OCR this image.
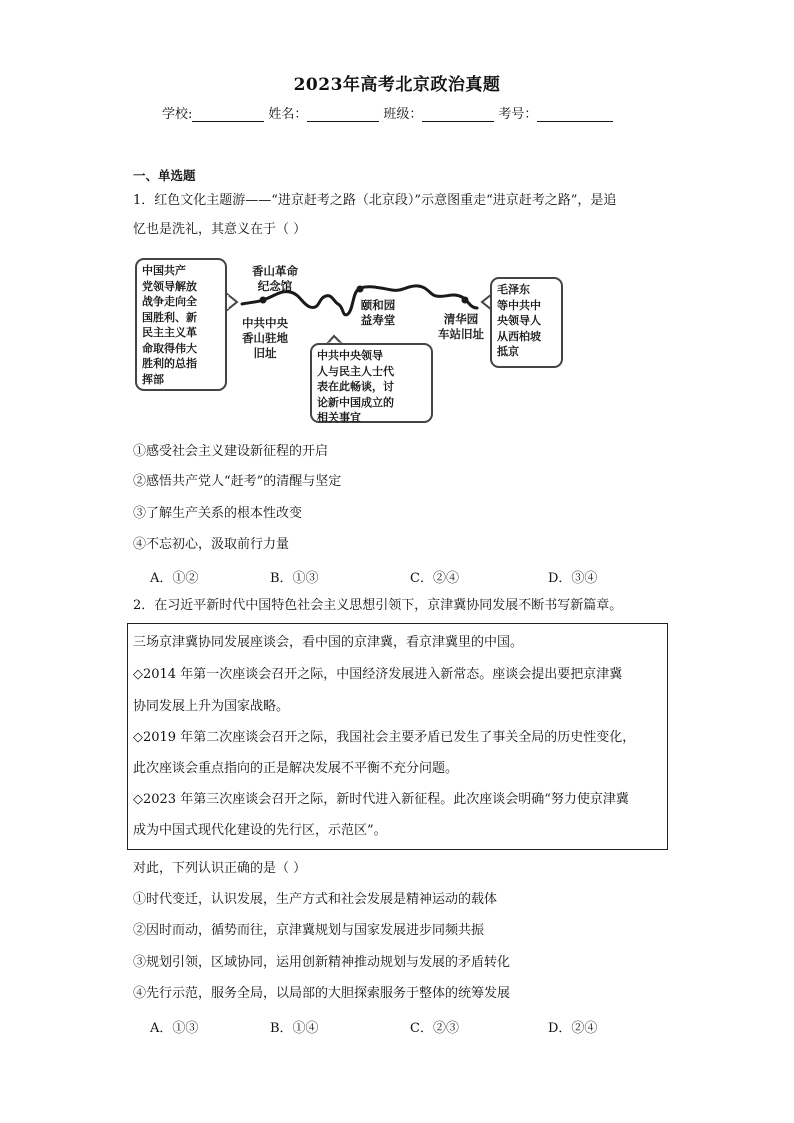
2023年高考北京政治真题
学校:	姓名：	班级：	考号：
一、单选题
1．红色文化主题游——“进京赶考之路（北京段）”示意图重走“进京赶考之路”，是追
忆也是洗礼，其意义在于（ ）
中国共产
党领导解放
战争走向全
国胜利、新
民主主义革
命取得伟大
胜利的总指
挥部
香山革命
纪念馆
中共中央
香山驻地
旧址
颐和园
益寿堂	清华园
车站旧址
中共中央领导
人与民主人士代
表在此畅谈，讨
论新中国成立的
相关事宜
毛泽东
等中共中
央领导人
从西柏坡
抵京
①感受社会主义建设新征程的开启
②感悟共产党人“赶考”的清醒与坚定
③了解生产关系的根本性改变
④不忘初心，汲取前行力量
A．①②	B．①③	C．②④	D．③④
2．在习近平新时代中国特色社会主义思想引领下，京津冀协同发展不断书写新篇章。
三场京津冀协同发展座谈会，看中国的京津冀，看京津冀里的中国。
◇2014 年第一次座谈会召开之际，中国经济发展进入新常态。座谈会提出要把京津冀
协同发展上升为国家战略。
◇2019 年第二次座谈会召开之际，我国社会主要矛盾已发生了事关全局的历史性变化，
此次座谈会重点指向的正是解决发展不平衡不充分问题。
◇2023 年第三次座谈会召开之际，新时代进入新征程。此次座谈会明确“努力使京津冀
成为中国式现代化建设的先行区，示范区”。
对此，下列认识正确的是（ ）
①时代变迁，认识发展，生产方式和社会发展是精神运动的载体
②因时而动，循势而往，京津冀规划与国家发展进步同频共振
③规划引领，区域协同，运用创新精神推动规划与发展的矛盾转化
④先行示范，服务全局，以局部的大胆探索服务于整体的统筹发展
A．①③	B．①④	C．②③	D．②④
